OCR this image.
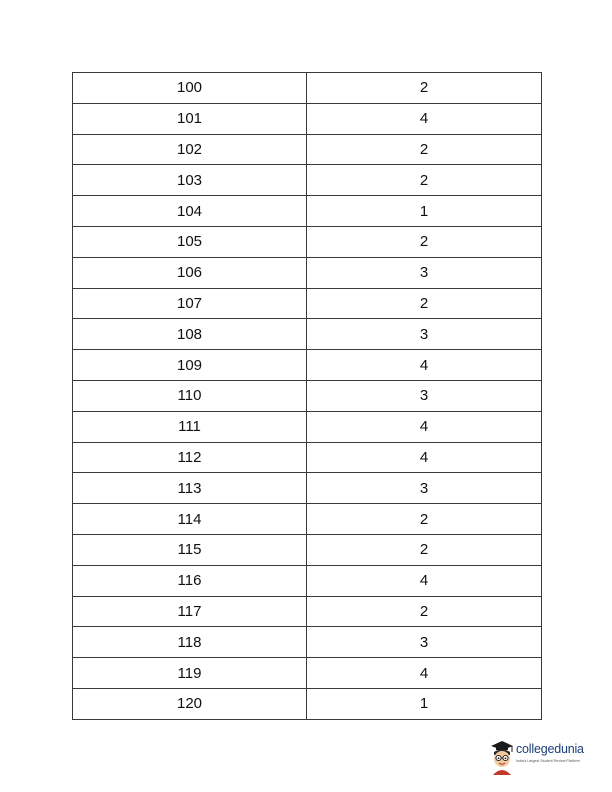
100	2
101	4
102	2
103	2
104	1
105	2
106	3
107	2
108	3
109	4
110	3
111	4
112	4
113	3
114	2
115	2
116	4
117	2
118	3
119	4
120	1
collegedunia
India's Largest Student Review Platform
